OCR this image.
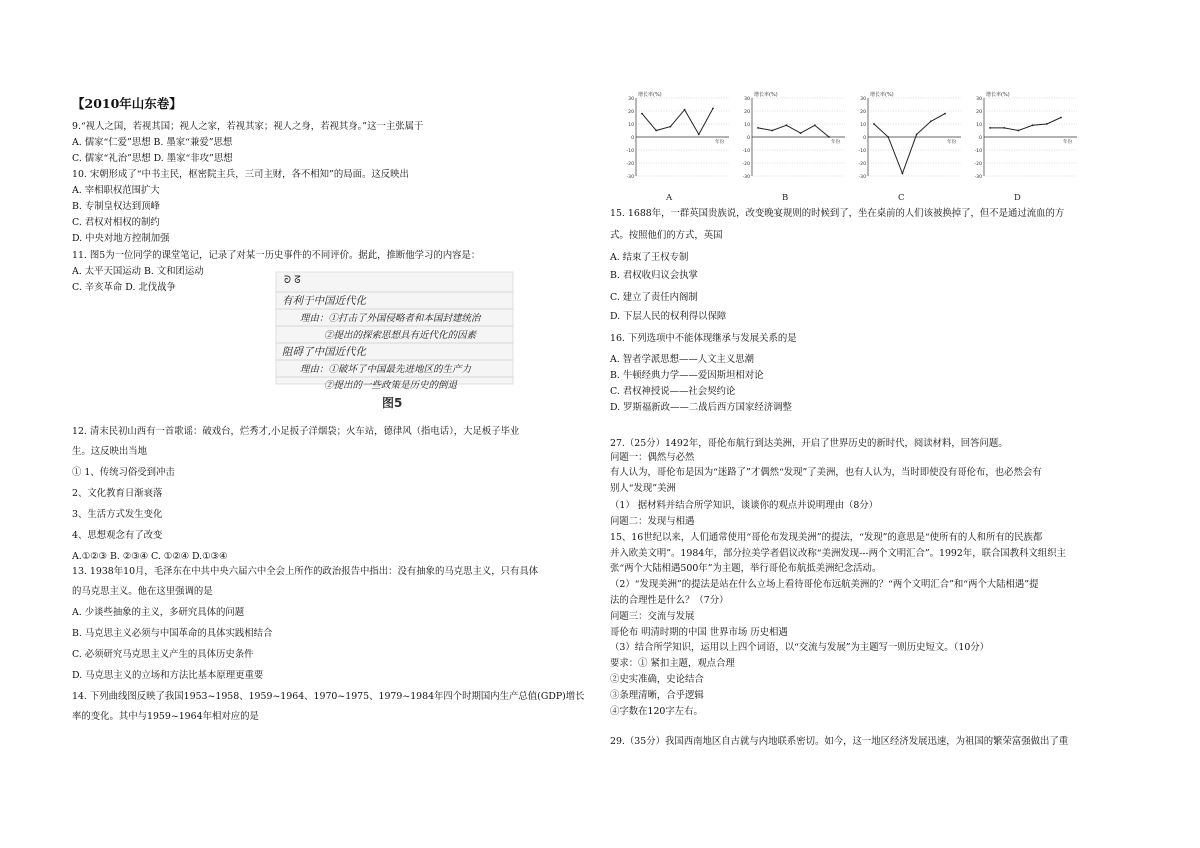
【2010年山东卷】
9.“视人之国，若视其国；视人之家，若视其家；视人之身，若视其身。”这一主张属于
A. 儒家“仁爱”思想 B. 墨家“兼爱”思想
C. 儒家“礼治”思想 D. 墨家“非攻”思想
10. 宋朝形成了“中书主民，枢密院主兵，三司主财，各不相知”的局面。这反映出
A. 宰相职权范围扩大
B. 专制皇权达到顶峰
C. 君权对相权的制约
D. 中央对地方控制加强
11. 图5为一位同学的课堂笔记，记录了对某一历史事件的不同评价。据此，推断他学习的内容是：
A. 太平天国运动 B. 文和团运动
C. 辛亥革命 D. 北伐战争
ᘐ ᘔ
有利于中国近代化
理由：①打击了外国侵略者和本国封建统治
②提出的探索思想具有近代化的因素
阻碍了中国近代化
理由：①破坏了中国最先进地区的生产力
②提出的一些政策是历史的倒退
图5
12. 清末民初山西有一首歌谣：破戏台，烂秀才,小足扳子洋烟袋；火车站，德律风（指电话），大足板子毕业
生。这反映出当地
① 1、传统习俗受到冲击
2、文化教育日渐衰落
3、生活方式发生变化
4、思想观念有了改变
A.①②③ B. ②③④ C. ①②④ D.①③④
13. 1938年10月，毛泽东在中共中央六届六中全会上所作的政治报告中指出：没有抽象的马克思主义，只有具体
的马克思主义。他在这里强调的是
A. 少谈些抽象的主义，多研究具体的问题
B. 马克思主义必须与中国革命的具体实践相结合
C. 必须研究马克思主义产生的具体历史条件
D. 马克思主义的立场和方法比基本原理更重要
14. 下列曲线图反映了我国1953~1958、1959~1964、1970~1975、1979~1984年四个时期国内生产总值(GDP)增长
率的变化。其中与1959~1964年相对应的是
增长率(%)
30
20
10
0
-10
-20
-30
年份
A
增长率(%)
30
20
10
0
-10
-20
-30
年份
B
增长率(%)
30
20
10
0
-10
-20
-30
年份
C
增长率(%)
30
20
10
0
-10
-20
-30
年份
D
15. 1688年，一群英国贵族说，改变晚宴规则的时候到了，坐在桌前的人们该被换掉了，但不是通过流血的方
式。按照他们的方式，英国
A. 结束了王权专制
B. 君权收归议会执掌
C. 建立了责任内阁制
D. 下层人民的权利得以保障
16. 下列选项中不能体现继承与发展关系的是
A. 智者学派思想——人文主义思潮
B. 牛顿经典力学——爱因斯坦相对论
C. 君权神授说——社会契约论
D. 罗斯福新政——二战后西方国家经济调整
27.（25分）1492年，哥伦布航行到达美洲，开启了世界历史的新时代，阅读材料，回答问题。
问题一：偶然与必然
有人认为，哥伦布是因为“迷路了”才偶然“发现”了美洲，也有人认为，当时即使没有哥伦布，也必然会有
别人“发现”美洲
（1） 据材料并结合所学知识，谈谈你的观点并说明理由（8分）
问题二：发现与相遇
15、16世纪以来，人们通常使用“哥伦布发现美洲”的提法，“发现”的意思是“使所有的人和所有的民族都
并入欧美文明”。1984年，部分拉美学者倡议改称“美洲发现---两个文明汇合”。1992年，联合国教科文组织主
张“两个大陆相遇500年”为主题，举行哥伦布航抵美洲纪念活动。
（2）“发现美洲”的提法是站在什么立场上看待哥伦布远航美洲的？“两个文明汇合”和“两个大陆相遇”提
法的合理性是什么？（7分）
问题三：交流与发展
哥伦布 明清时期的中国 世界市场 历史相遇
（3）结合所学知识，运用以上四个词语，以“交流与发展”为主题写一则历史短文。（10分）
要求：① 紧扣主题，观点合理
②史实准确，史论结合
③条理清晰，合乎逻辑
④字数在120字左右。
29.（35分）我国西南地区自古就与内地联系密切。如今，这一地区经济发展迅速，为祖国的繁荣富强做出了重
